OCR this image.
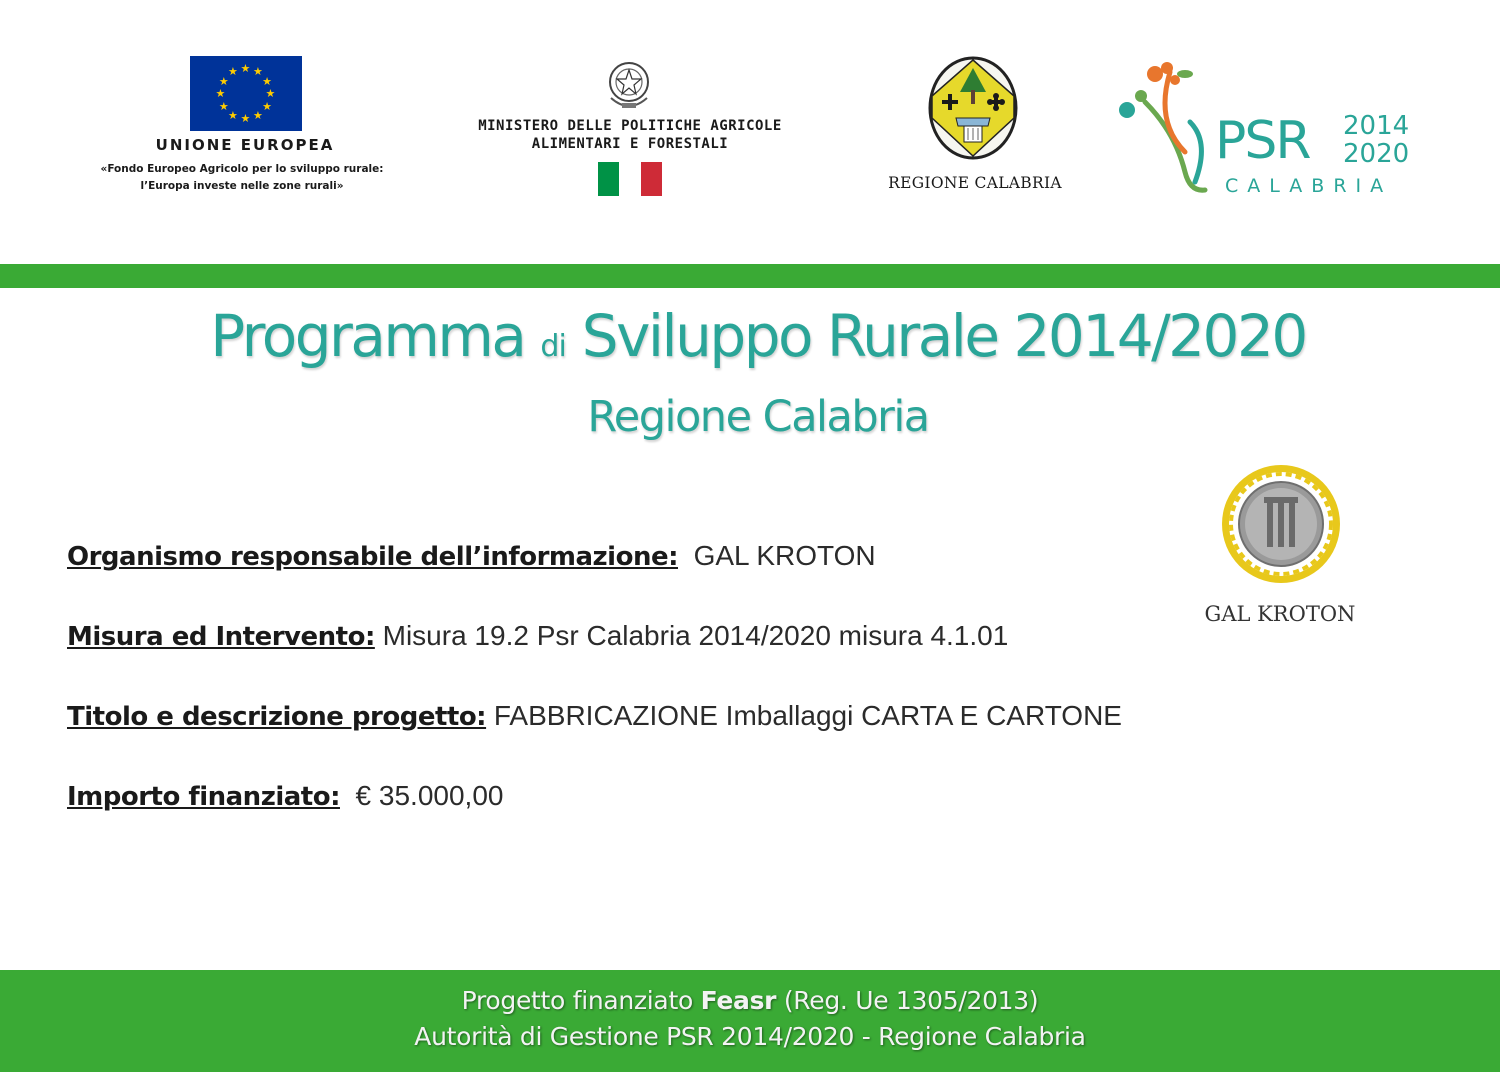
★ ★
★
★
★
★
★
★
★
★
★
★
UNIONE EUROPEA
«Fondo Europeo Agricolo per lo sviluppo rurale:
l’Europa investe nelle zone rurali»
MINISTERO DELLE POLITICHE AGRICOLE
ALIMENTARI E FORESTALI
REGIONE CALABRIA
PSR 2014
2020
CALABRIA
Programma di Sviluppo Rurale 2014/2020
Regione Calabria
GAL KROTON
Organismo responsabile dell’informazione: GAL KROTON
Misura ed Intervento: Misura 19.2 Psr Calabria 2014/2020 misura 4.1.01
Titolo e descrizione progetto: FABBRICAZIONE Imballaggi CARTA E CARTONE
Importo finanziato: € 35.000,00
Progetto finanziato Feasr (Reg. Ue 1305/2013)
Autorità di Gestione PSR 2014/2020 - Regione Calabria
